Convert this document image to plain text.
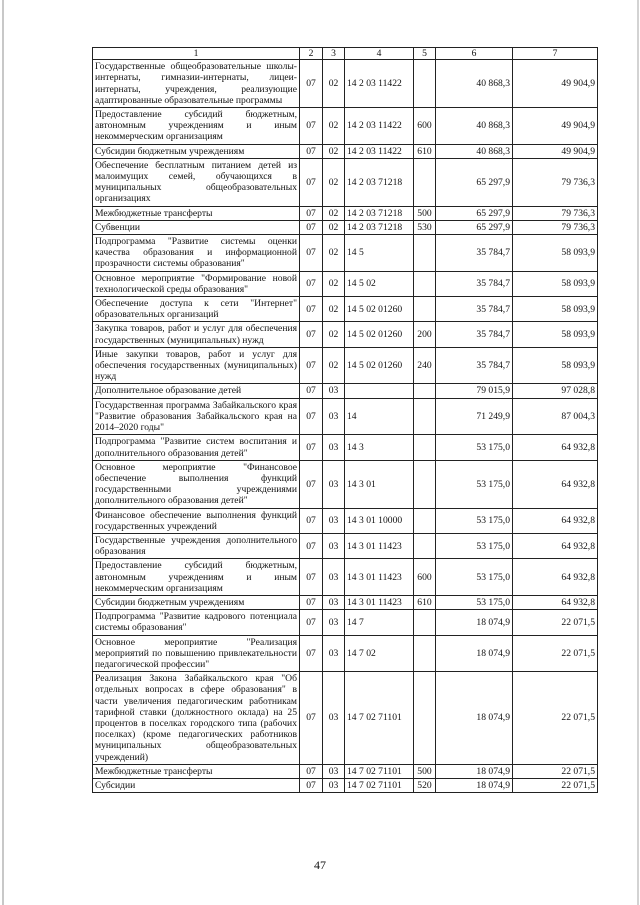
1	2	3	4	5	6	7
Государственные общеобразовательные школы-интернаты, гимназии-интернаты, лицеи-интернаты, учреждения, реализующие адаптированные образовательные программы	07	02	14 2 03 11422		40 868,3	49 904,9
Предоставление субсидий бюджетным, автономным учреждениям и иным некоммерческим организациям	07	02	14 2 03 11422	600	40 868,3	49 904,9
Субсидии бюджетным учреждениям	07	02	14 2 03 11422	610	40 868,3	49 904,9
Обеспечение бесплатным питанием детей из малоимущих семей, обучающихся в муниципальных общеобразовательных организациях	07	02	14 2 03 71218		65 297,9	79 736,3
Межбюджетные трансферты	07	02	14 2 03 71218	500	65 297,9	79 736,3
Субвенции	07	02	14 2 03 71218	530	65 297,9	79 736,3
Подпрограмма "Развитие системы оценки качества образования и информационной прозрачности системы образования"	07	02	14 5		35 784,7	58 093,9
Основное мероприятие "Формирование новой технологической среды образования"	07	02	14 5 02		35 784,7	58 093,9
Обеспечение доступа к сети "Интернет" образовательных организаций	07	02	14 5 02 01260		35 784,7	58 093,9
Закупка товаров, работ и услуг для обеспечения государственных (муниципальных) нужд	07	02	14 5 02 01260	200	35 784,7	58 093,9
Иные закупки товаров, работ и услуг для обеспечения государственных (муниципальных) нужд	07	02	14 5 02 01260	240	35 784,7	58 093,9
Дополнительное образование детей	07	03			79 015,9	97 028,8
Государственная программа Забайкальского края "Развитие образования Забайкальского края на 2014–2020 годы"	07	03	14		71 249,9	87 004,3
Подпрограмма "Развитие систем воспитания и дополнительного образования детей"	07	03	14 3		53 175,0	64 932,8
Основное мероприятие "Финансовое обеспечение выполнения функций государственными учреждениями дополнительного образования детей"	07	03	14 3 01		53 175,0	64 932,8
Финансовое обеспечение выполнения функций государственных учреждений	07	03	14 3 01 10000		53 175,0	64 932,8
Государственные учреждения дополнительного образования	07	03	14 3 01 11423		53 175,0	64 932,8
Предоставление субсидий бюджетным, автономным учреждениям и иным некоммерческим организациям	07	03	14 3 01 11423	600	53 175,0	64 932,8
Субсидии бюджетным учреждениям	07	03	14 3 01 11423	610	53 175,0	64 932,8
Подпрограмма "Развитие кадрового потенциала системы образования"	07	03	14 7		18 074,9	22 071,5
Основное мероприятие "Реализация мероприятий по повышению привлекательности педагогической профессии"	07	03	14 7 02		18 074,9	22 071,5
Реализация Закона Забайкальского края "Об отдельных вопросах в сфере образования" в части увеличения педагогическим работникам тарифной ставки (должностного оклада) на 25 процентов в поселках городского типа (рабочих поселках) (кроме педагогических работников муниципальных общеобразовательных учреждений)	07	03	14 7 02 71101		18 074,9	22 071,5
Межбюджетные трансферты	07	03	14 7 02 71101	500	18 074,9	22 071,5
Субсидии	07	03	14 7 02 71101	520	18 074,9	22 071,5
47
